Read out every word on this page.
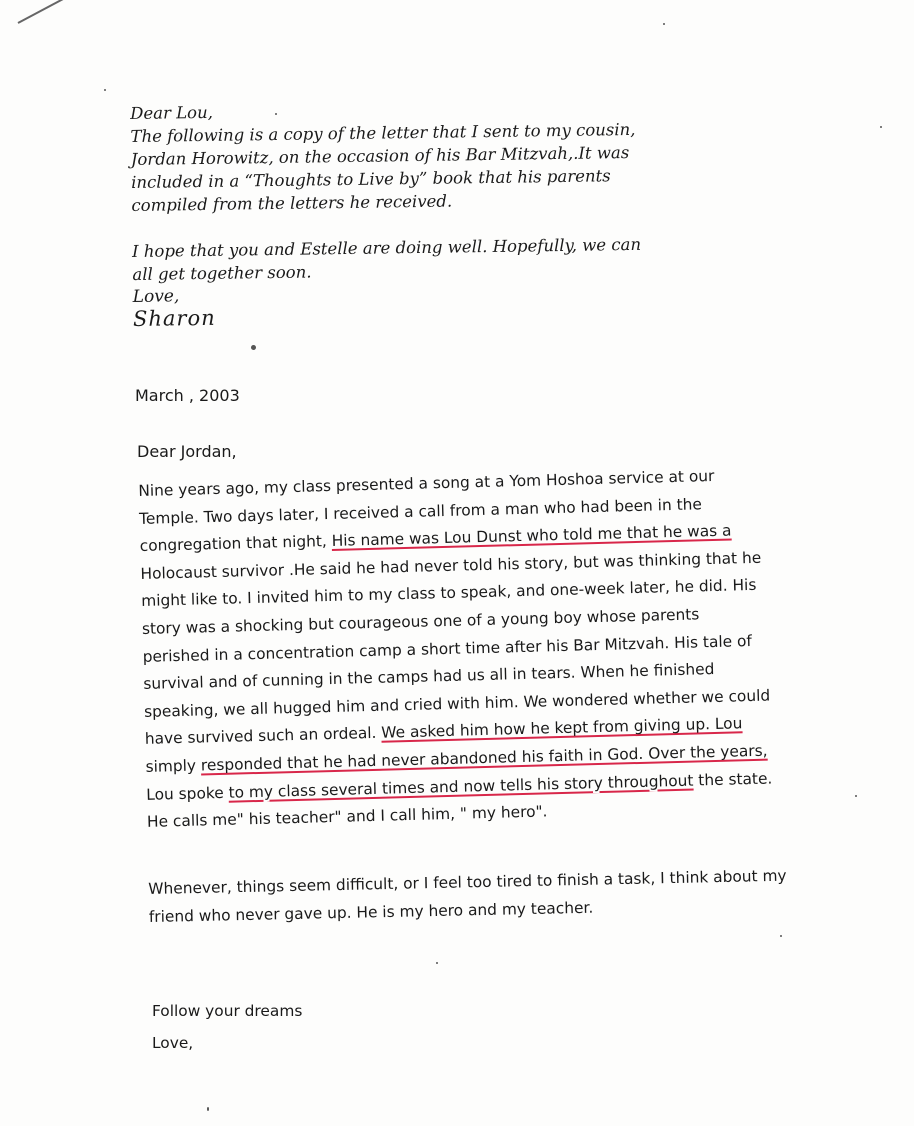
Dear Lou,

The following is a copy of the letter that I sent to my cousin,

Jordan Horowitz, on the occasion of his Bar Mitzvah,.It was

included in a “Thoughts to Live by” book that his parents

compiled from the letters he received.

I hope that you and Estelle are doing well. Hopefully, we can

all get together soon.

Love,

Sharon

March , 2003
Dear Jordan,
Nine years ago, my class presented a song at a Yom Hoshoa service at our
Temple. Two days later, I received a call from a man who had been in the
congregation that night, His name was Lou Dunst who told me that he was a
Holocaust survivor .He said he had never told his story, but was thinking that he
might like to. I invited him to my class to speak, and one-week later, he did. His
story was a shocking but courageous one of a young boy whose parents
perished in a concentration camp a short time after his Bar Mitzvah. His tale of
survival and of cunning in the camps had us all in tears. When he finished
speaking, we all hugged him and cried with him. We wondered whether we could
have survived such an ordeal. We asked him how he kept from giving up. Lou
simply responded that he had never abandoned his faith in God. Over the years,
Lou spoke to my class several times and now tells his story throughout the state.
He calls me" his teacher" and I call him, " my hero".
Whenever, things seem difficult, or I feel too tired to finish a task, I think about my
friend who never gave up. He is my hero and my teacher.
Follow your dreams
Love,
